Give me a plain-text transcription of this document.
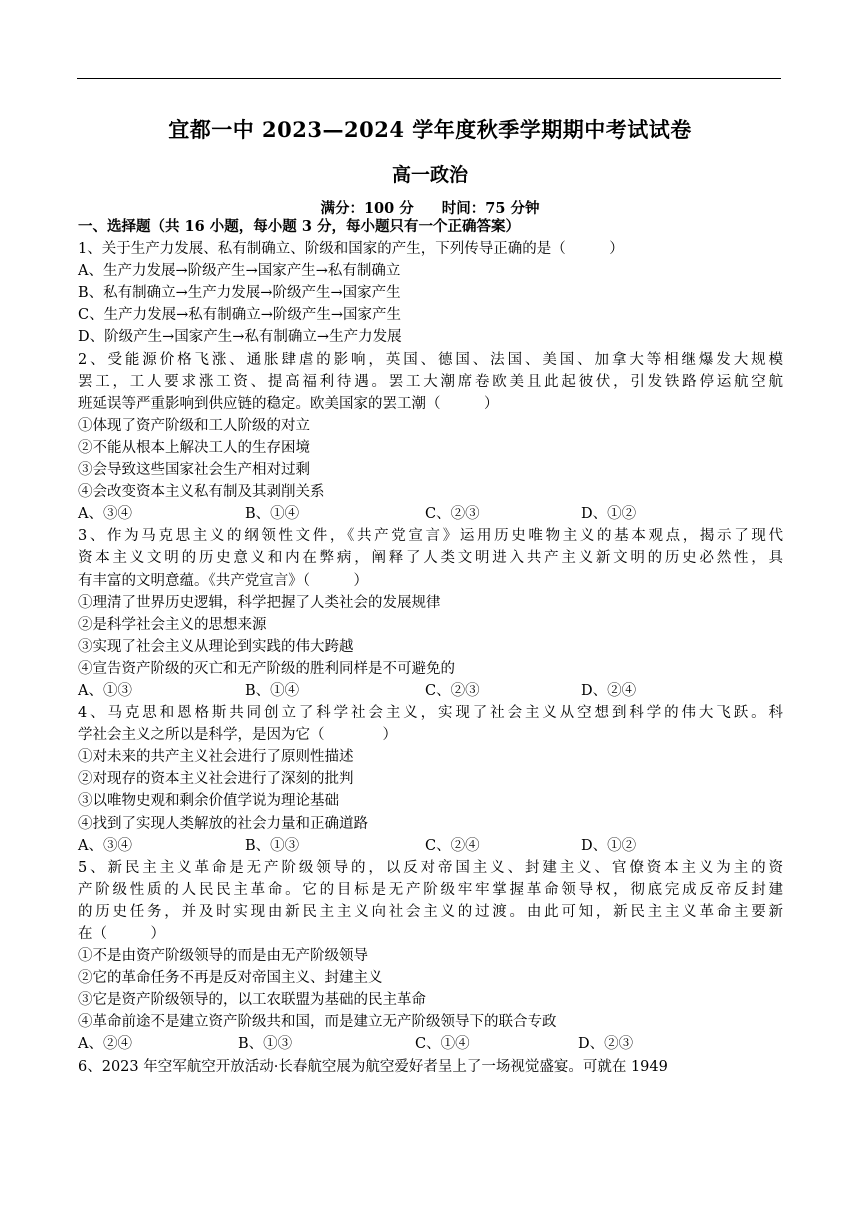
宜都一中 2023—2024 学年度秋季学期期中考试试卷
高一政治
满分：100 分 时间：75 分钟
一、选择题（共 16 小题，每小题 3 分，每小题只有一个正确答案）
1、关于生产力发展、私有制确立、阶级和国家的产生，下列传导正确的是（　　　）
A、生产力发展→阶级产生→国家产生→私有制确立
B、私有制确立→生产力发展→阶级产生→国家产生
C、生产力发展→私有制确立→阶级产生→国家产生
D、阶级产生→国家产生→私有制确立→生产力发展
2、受能源价格飞涨、通胀肆虐的影响，英国、德国、法国、美国、加拿大等相继爆发大规模
罢工，工人要求涨工资、提高福利待遇。罢工大潮席卷欧美且此起彼伏，引发铁路停运航空航
班延误等严重影响到供应链的稳定。欧美国家的罢工潮（　　　）
①体现了资产阶级和工人阶级的对立
②不能从根本上解决工人的生存困境
③会导致这些国家社会生产相对过剩
④会改变资本主义私有制及其剥削关系
A、③④	B、①④	C、②③	D、①②
3、作为马克思主义的纲领性文件，《共产党宣言》运用历史唯物主义的基本观点，揭示了现代
资本主义文明的历史意义和内在弊病，阐释了人类文明进入共产主义新文明的历史必然性，具
有丰富的文明意蕴。《共产党宣言》（　　　）
①理清了世界历史逻辑，科学把握了人类社会的发展规律
②是科学社会主义的思想来源
③实现了社会主义从理论到实践的伟大跨越
④宣告资产阶级的灭亡和无产阶级的胜利同样是不可避免的
A、①③	B、①④	C、②③	D、②④
4、马克思和恩格斯共同创立了科学社会主义，实现了社会主义从空想到科学的伟大飞跃。科
学社会主义之所以是科学，是因为它（　　　　）
①对未来的共产主义社会进行了原则性描述
②对现存的资本主义社会进行了深刻的批判
③以唯物史观和剩余价值学说为理论基础
④找到了实现人类解放的社会力量和正确道路
A、③④	B、①③	C、②④	D、①②
5、新民主主义革命是无产阶级领导的，以反对帝国主义、封建主义、官僚资本主义为主的资
产阶级性质的人民民主革命。它的目标是无产阶级牢牢掌握革命领导权，彻底完成反帝反封建
的历史任务，并及时实现由新民主主义向社会主义的过渡。由此可知，新民主主义革命主要新
在（　　　）
①不是由资产阶级领导的而是由无产阶级领导
②它的革命任务不再是反对帝国主义、封建主义
③它是资产阶级领导的，以工农联盟为基础的民主革命
④革命前途不是建立资产阶级共和国，而是建立无产阶级领导下的联合专政
A、②④	B、①③	C、①④	D、②③
6、2023 年空军航空开放活动·长春航空展为航空爱好者呈上了一场视觉盛宴。可就在 1949
